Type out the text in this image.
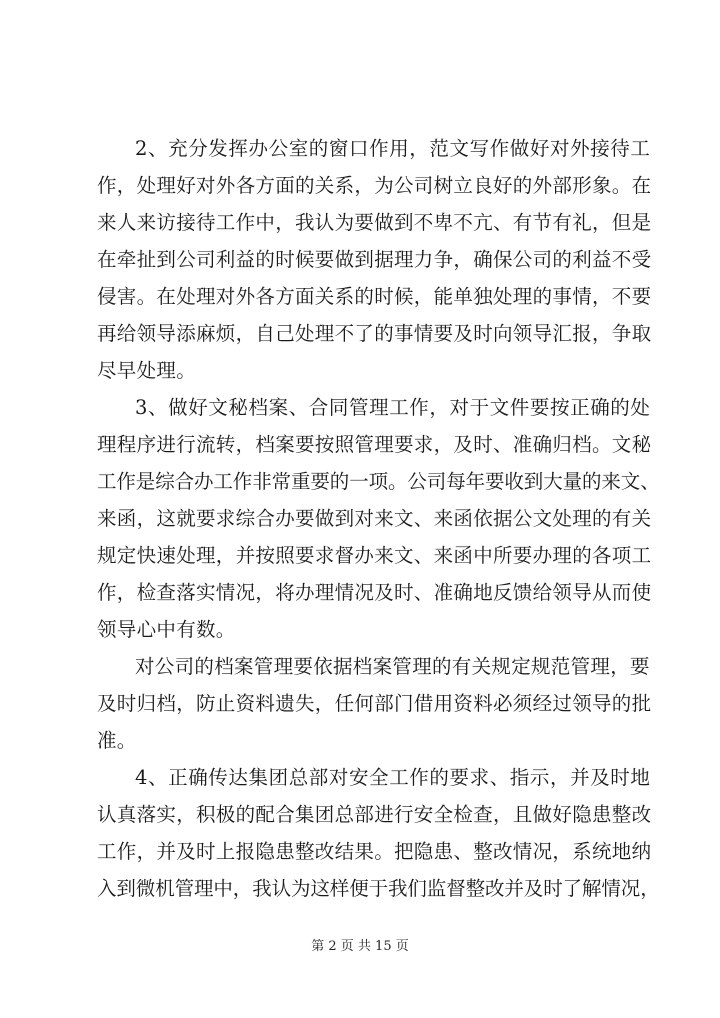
2、充分发挥办公室的窗口作用，范文写作做好对外接待工
作，处理好对外各方面的关系，为公司树立良好的外部形象。在
来人来访接待工作中，我认为要做到不卑不亢、有节有礼，但是
在牵扯到公司利益的时候要做到据理力争，确保公司的利益不受
侵害。在处理对外各方面关系的时候，能单独处理的事情，不要
再给领导添麻烦，自己处理不了的事情要及时向领导汇报，争取
尽早处理。
3、做好文秘档案、合同管理工作，对于文件要按正确的处
理程序进行流转，档案要按照管理要求，及时、准确归档。文秘
工作是综合办工作非常重要的一项。公司每年要收到大量的来文、
来函，这就要求综合办要做到对来文、来函依据公文处理的有关
规定快速处理，并按照要求督办来文、来函中所要办理的各项工
作，检查落实情况，将办理情况及时、准确地反馈给领导从而使
领导心中有数。
对公司的档案管理要依据档案管理的有关规定规范管理，要
及时归档，防止资料遗失，任何部门借用资料必须经过领导的批
准。
4、正确传达集团总部对安全工作的要求、指示，并及时地
认真落实，积极的配合集团总部进行安全检查，且做好隐患整改
工作，并及时上报隐患整改结果。把隐患、整改情况，系统地纳
入到微机管理中，我认为这样便于我们监督整改并及时了解情况，
第 2 页 共 15 页
